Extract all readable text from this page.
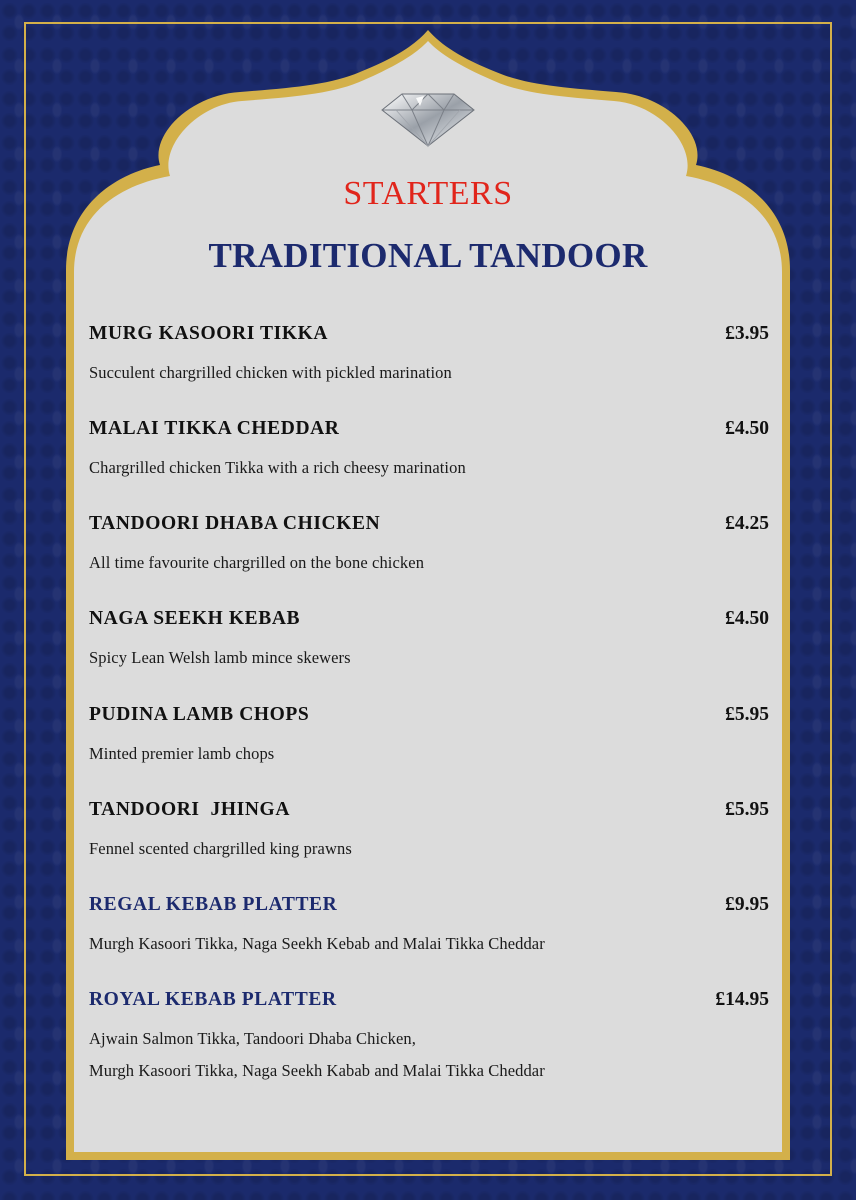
STARTERS
TRADITIONAL TANDOOR
MURG KASOORI TIKKA	£3.95
Succulent chargrilled chicken with pickled marination
MALAI TIKKA CHEDDAR	£4.50
Chargrilled chicken Tikka with a rich cheesy marination
TANDOORI DHABA CHICKEN	£4.25
All time favourite chargrilled on the bone chicken
NAGA SEEKH KEBAB	£4.50
Spicy Lean Welsh lamb mince skewers
PUDINA LAMB CHOPS	£5.95
Minted premier lamb chops
TANDOORI  JHINGA	£5.95
Fennel scented chargrilled king prawns
REGAL KEBAB PLATTER	£9.95
Murgh Kasoori Tikka, Naga Seekh Kebab and Malai Tikka Cheddar
ROYAL KEBAB PLATTER	£14.95
Ajwain Salmon Tikka, Tandoori Dhaba Chicken,
Murgh Kasoori Tikka, Naga Seekh Kabab and Malai Tikka Cheddar
